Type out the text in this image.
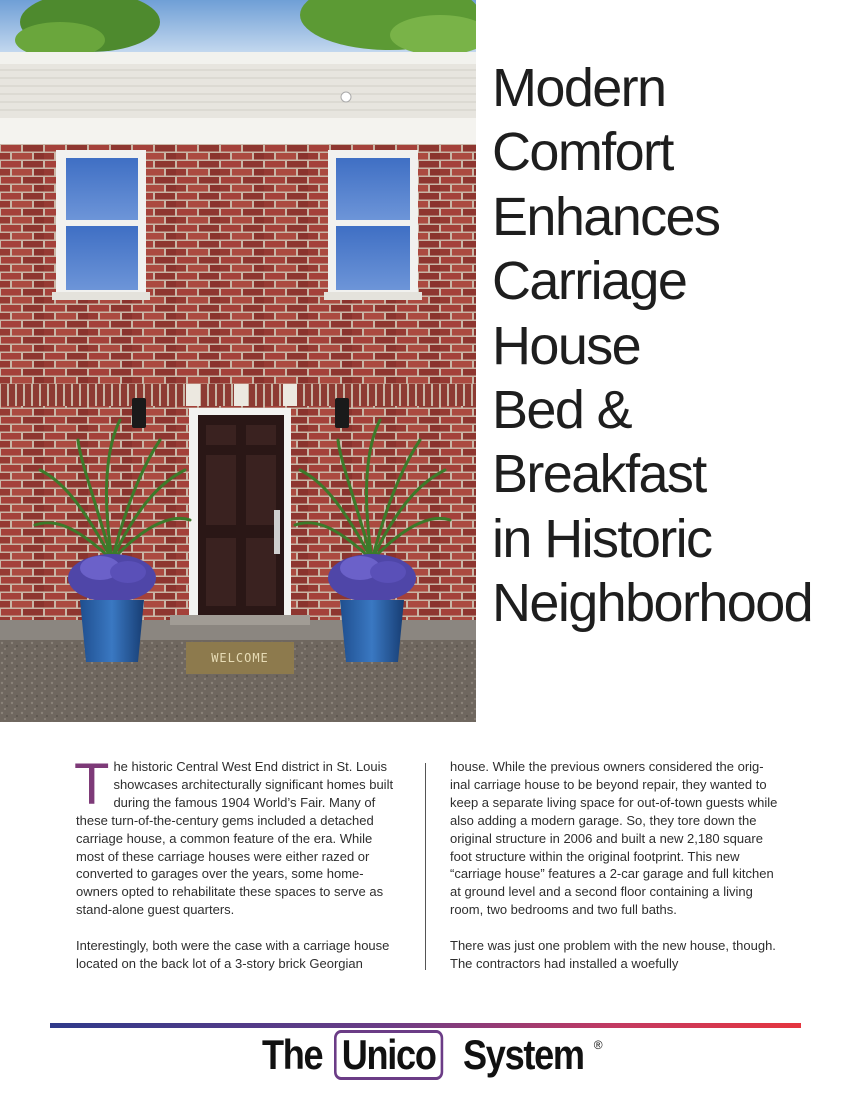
WELCOME
Modern
Comfort
Enhances
Carriage
House
Bed &
Breakfast
in Historic
Neighborhood

The historic Central West End district in St. Louis showcases architecturally significant homes built during the famous 1904 World’s Fair. Many of these turn-of-the-century gems included a detached carriage house, a common feature of the era. While most of these carriage houses were either razed or converted to garages over the years, some home-owners opted to rehabilitate these spaces to serve as stand-alone guest quarters.

Interestingly, both were the case with a carriage house located on the back lot of a 3-story brick Georgian

house. While the previous owners considered the orig-inal carriage house to be beyond repair, they wanted to keep a separate living space for out-of-town guests while also adding a modern garage. So, they tore down the original structure in 2006 and built a new 2,180 square foot structure within the original footprint. This new “carriage house” features a 2-car garage and full kitchen at ground level and a second floor containing a living room, two bedrooms and two full baths.

There was just one problem with the new house, though. The contractors had installed a woefully

The Unico System ®
